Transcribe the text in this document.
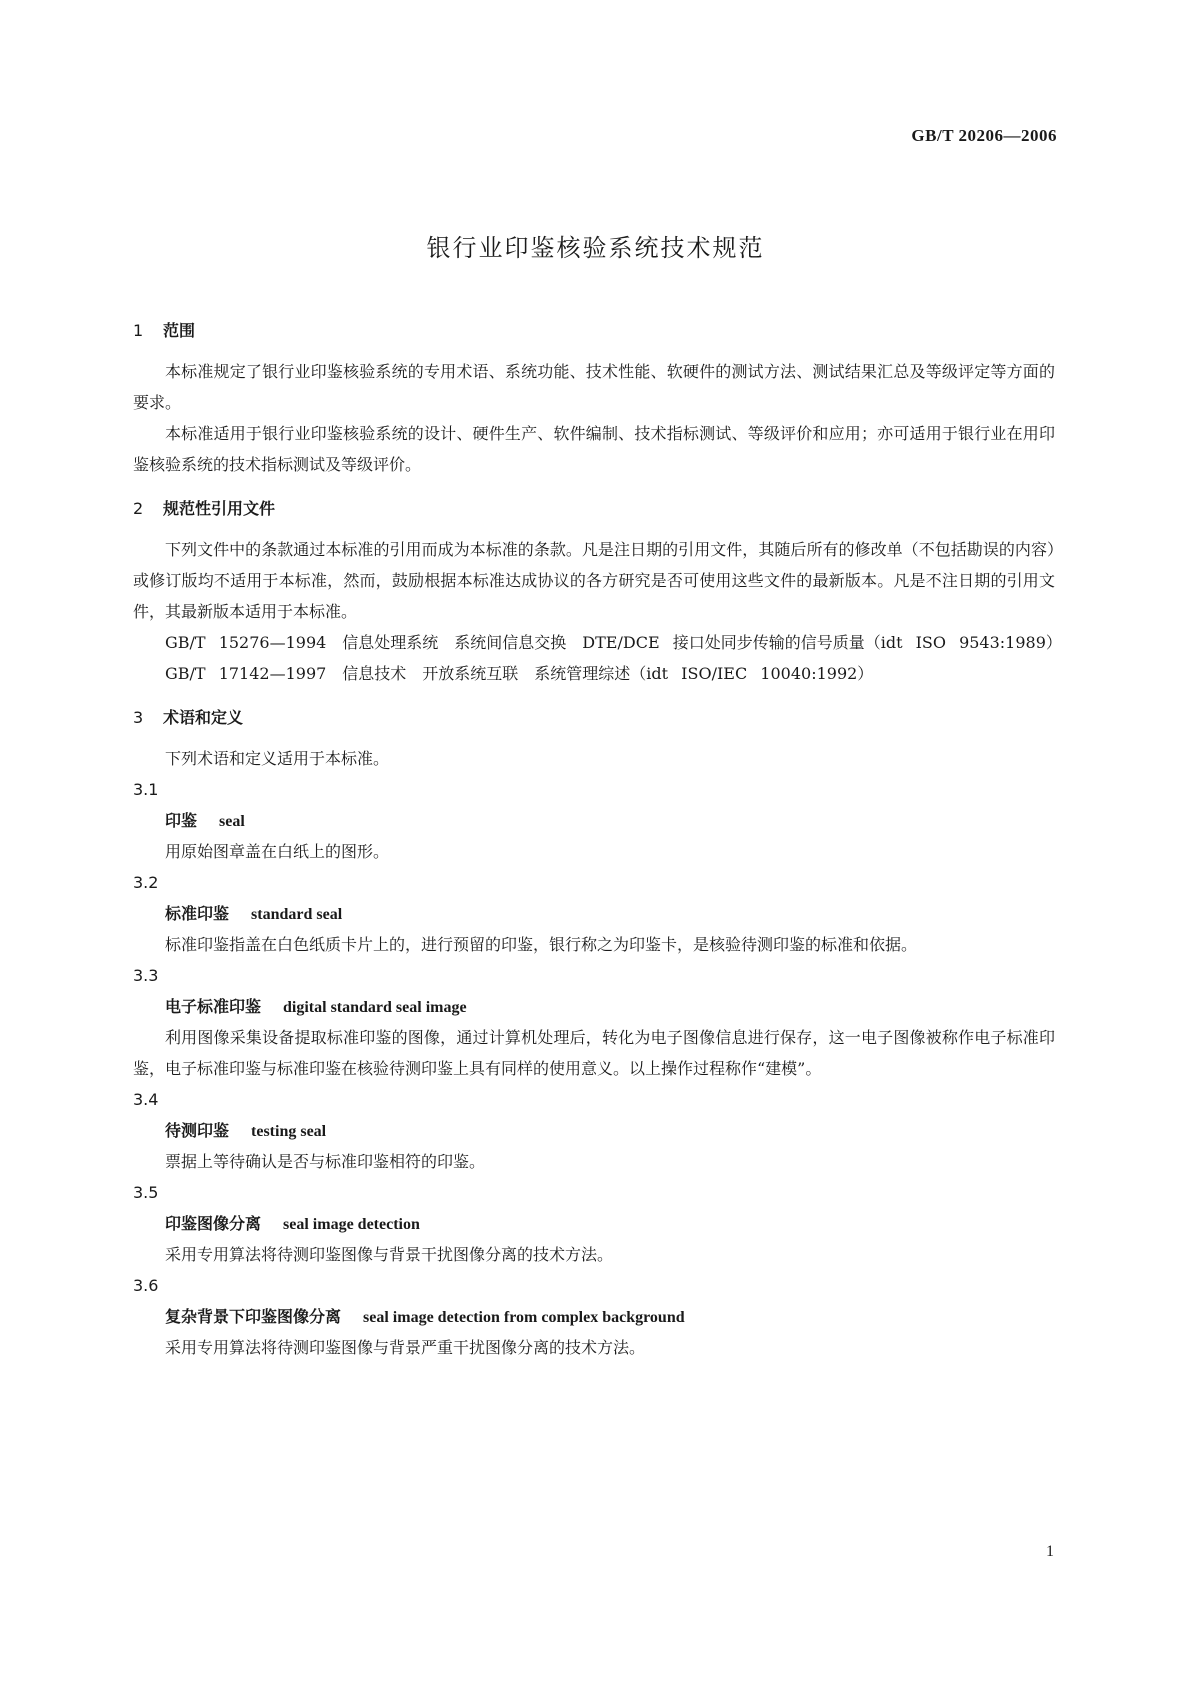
GB/T 20206—2006
银行业印鉴核验系统技术规范
1 范围

本标准规定了银行业印鉴核验系统的专用术语、系统功能、技术性能、软硬件的测试方法、测试结果汇总及等级评定等方面的要求。

本标准适用于银行业印鉴核验系统的设计、硬件生产、软件编制、技术指标测试、等级评价和应用；亦可适用于银行业在用印鉴核验系统的技术指标测试及等级评价。

2 规范性引用文件

下列文件中的条款通过本标准的引用而成为本标准的条款。凡是注日期的引用文件，其随后所有的修改单（不包括勘误的内容）或修订版均不适用于本标准，然而，鼓励根据本标准达成协议的各方研究是否可使用这些文件的最新版本。凡是不注日期的引用文件，其最新版本适用于本标准。

GB/T 15276—1994　信息处理系统　系统间信息交换　DTE/DCE 接口处同步传输的信号质量（idt ISO 9543:1989）

GB/T 17142—1997　信息技术　开放系统互联　系统管理综述（idt ISO/IEC 10040:1992）

3 术语和定义

下列术语和定义适用于本标准。

3.1
印鉴 seal

用原始图章盖在白纸上的图形。

3.2
标准印鉴 standard seal

标准印鉴指盖在白色纸质卡片上的，进行预留的印鉴，银行称之为印鉴卡，是核验待测印鉴的标准和依据。

3.3
电子标准印鉴 digital standard seal image

利用图像采集设备提取标准印鉴的图像，通过计算机处理后，转化为电子图像信息进行保存，这一电子图像被称作电子标准印鉴，电子标准印鉴与标准印鉴在核验待测印鉴上具有同样的使用意义。以上操作过程称作“建模”。

3.4
待测印鉴 testing seal

票据上等待确认是否与标准印鉴相符的印鉴。

3.5
印鉴图像分离 seal image detection

采用专用算法将待测印鉴图像与背景干扰图像分离的技术方法。

3.6
复杂背景下印鉴图像分离 seal image detection from complex background

采用专用算法将待测印鉴图像与背景严重干扰图像分离的技术方法。

1
